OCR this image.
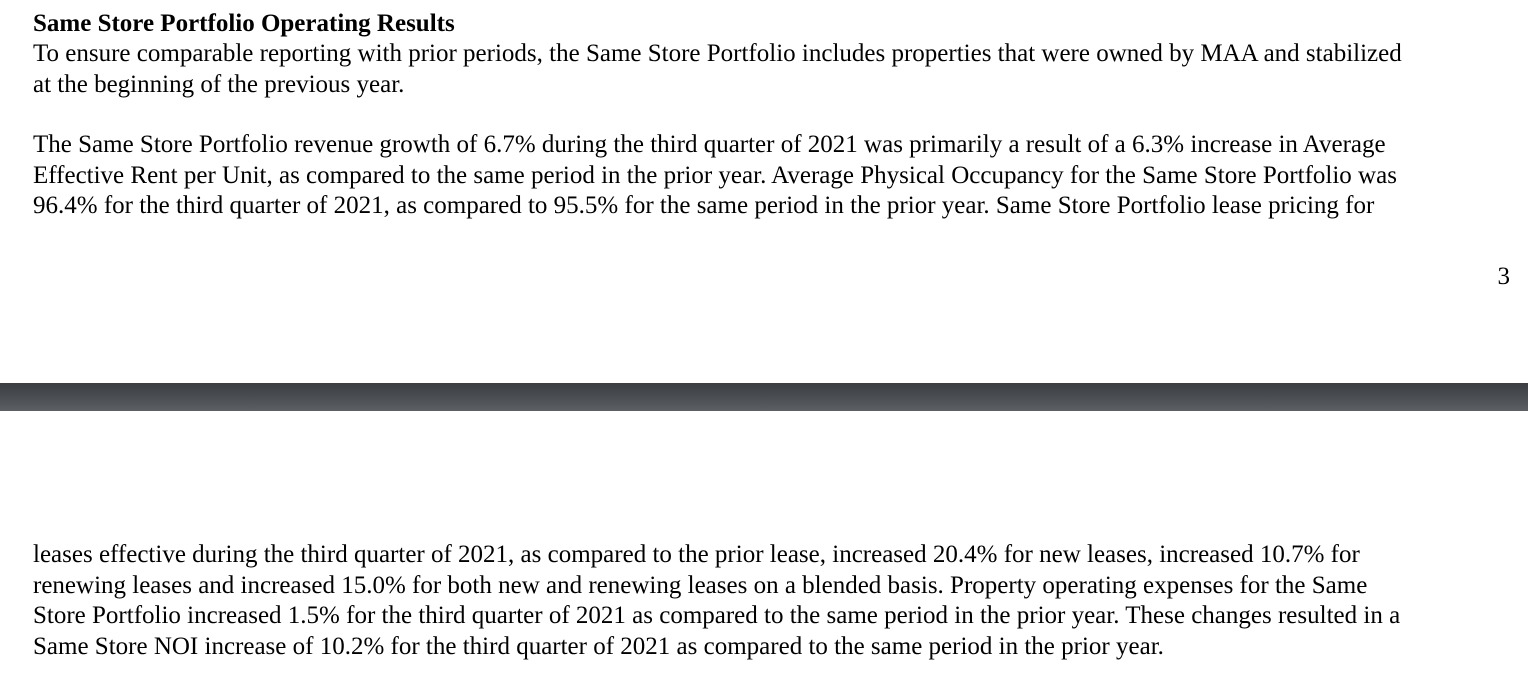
Same Store Portfolio Operating Results
To ensure comparable reporting with prior periods, the Same Store Portfolio includes properties that were owned by MAA and stabilized
at the beginning of the previous year.
The Same Store Portfolio revenue growth of 6.7% during the third quarter of 2021 was primarily a result of a 6.3% increase in Average
Effective Rent per Unit, as compared to the same period in the prior year. Average Physical Occupancy for the Same Store Portfolio was
96.4% for the third quarter of 2021, as compared to 95.5% for the same period in the prior year. Same Store Portfolio lease pricing for
3
leases effective during the third quarter of 2021, as compared to the prior lease, increased 20.4% for new leases, increased 10.7% for
renewing leases and increased 15.0% for both new and renewing leases on a blended basis. Property operating expenses for the Same
Store Portfolio increased 1.5% for the third quarter of 2021 as compared to the same period in the prior year. These changes resulted in a
Same Store NOI increase of 10.2% for the third quarter of 2021 as compared to the same period in the prior year.
